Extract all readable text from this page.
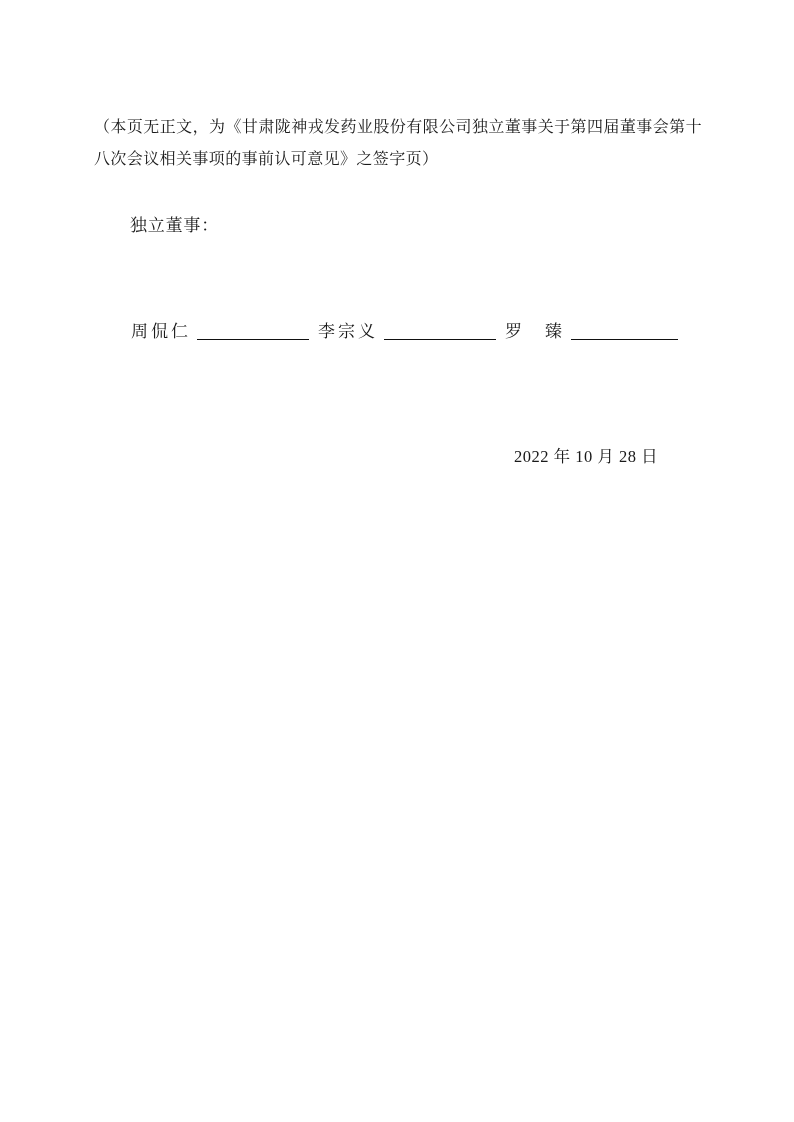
（本页无正文，为《甘肃陇神戎发药业股份有限公司独立董事关于第四届董事会第十八次会议相关事项的事前认可意见》之签字页）

独立董事：

周侃仁	李宗义	罗　臻

2022 年 10 月 28 日
